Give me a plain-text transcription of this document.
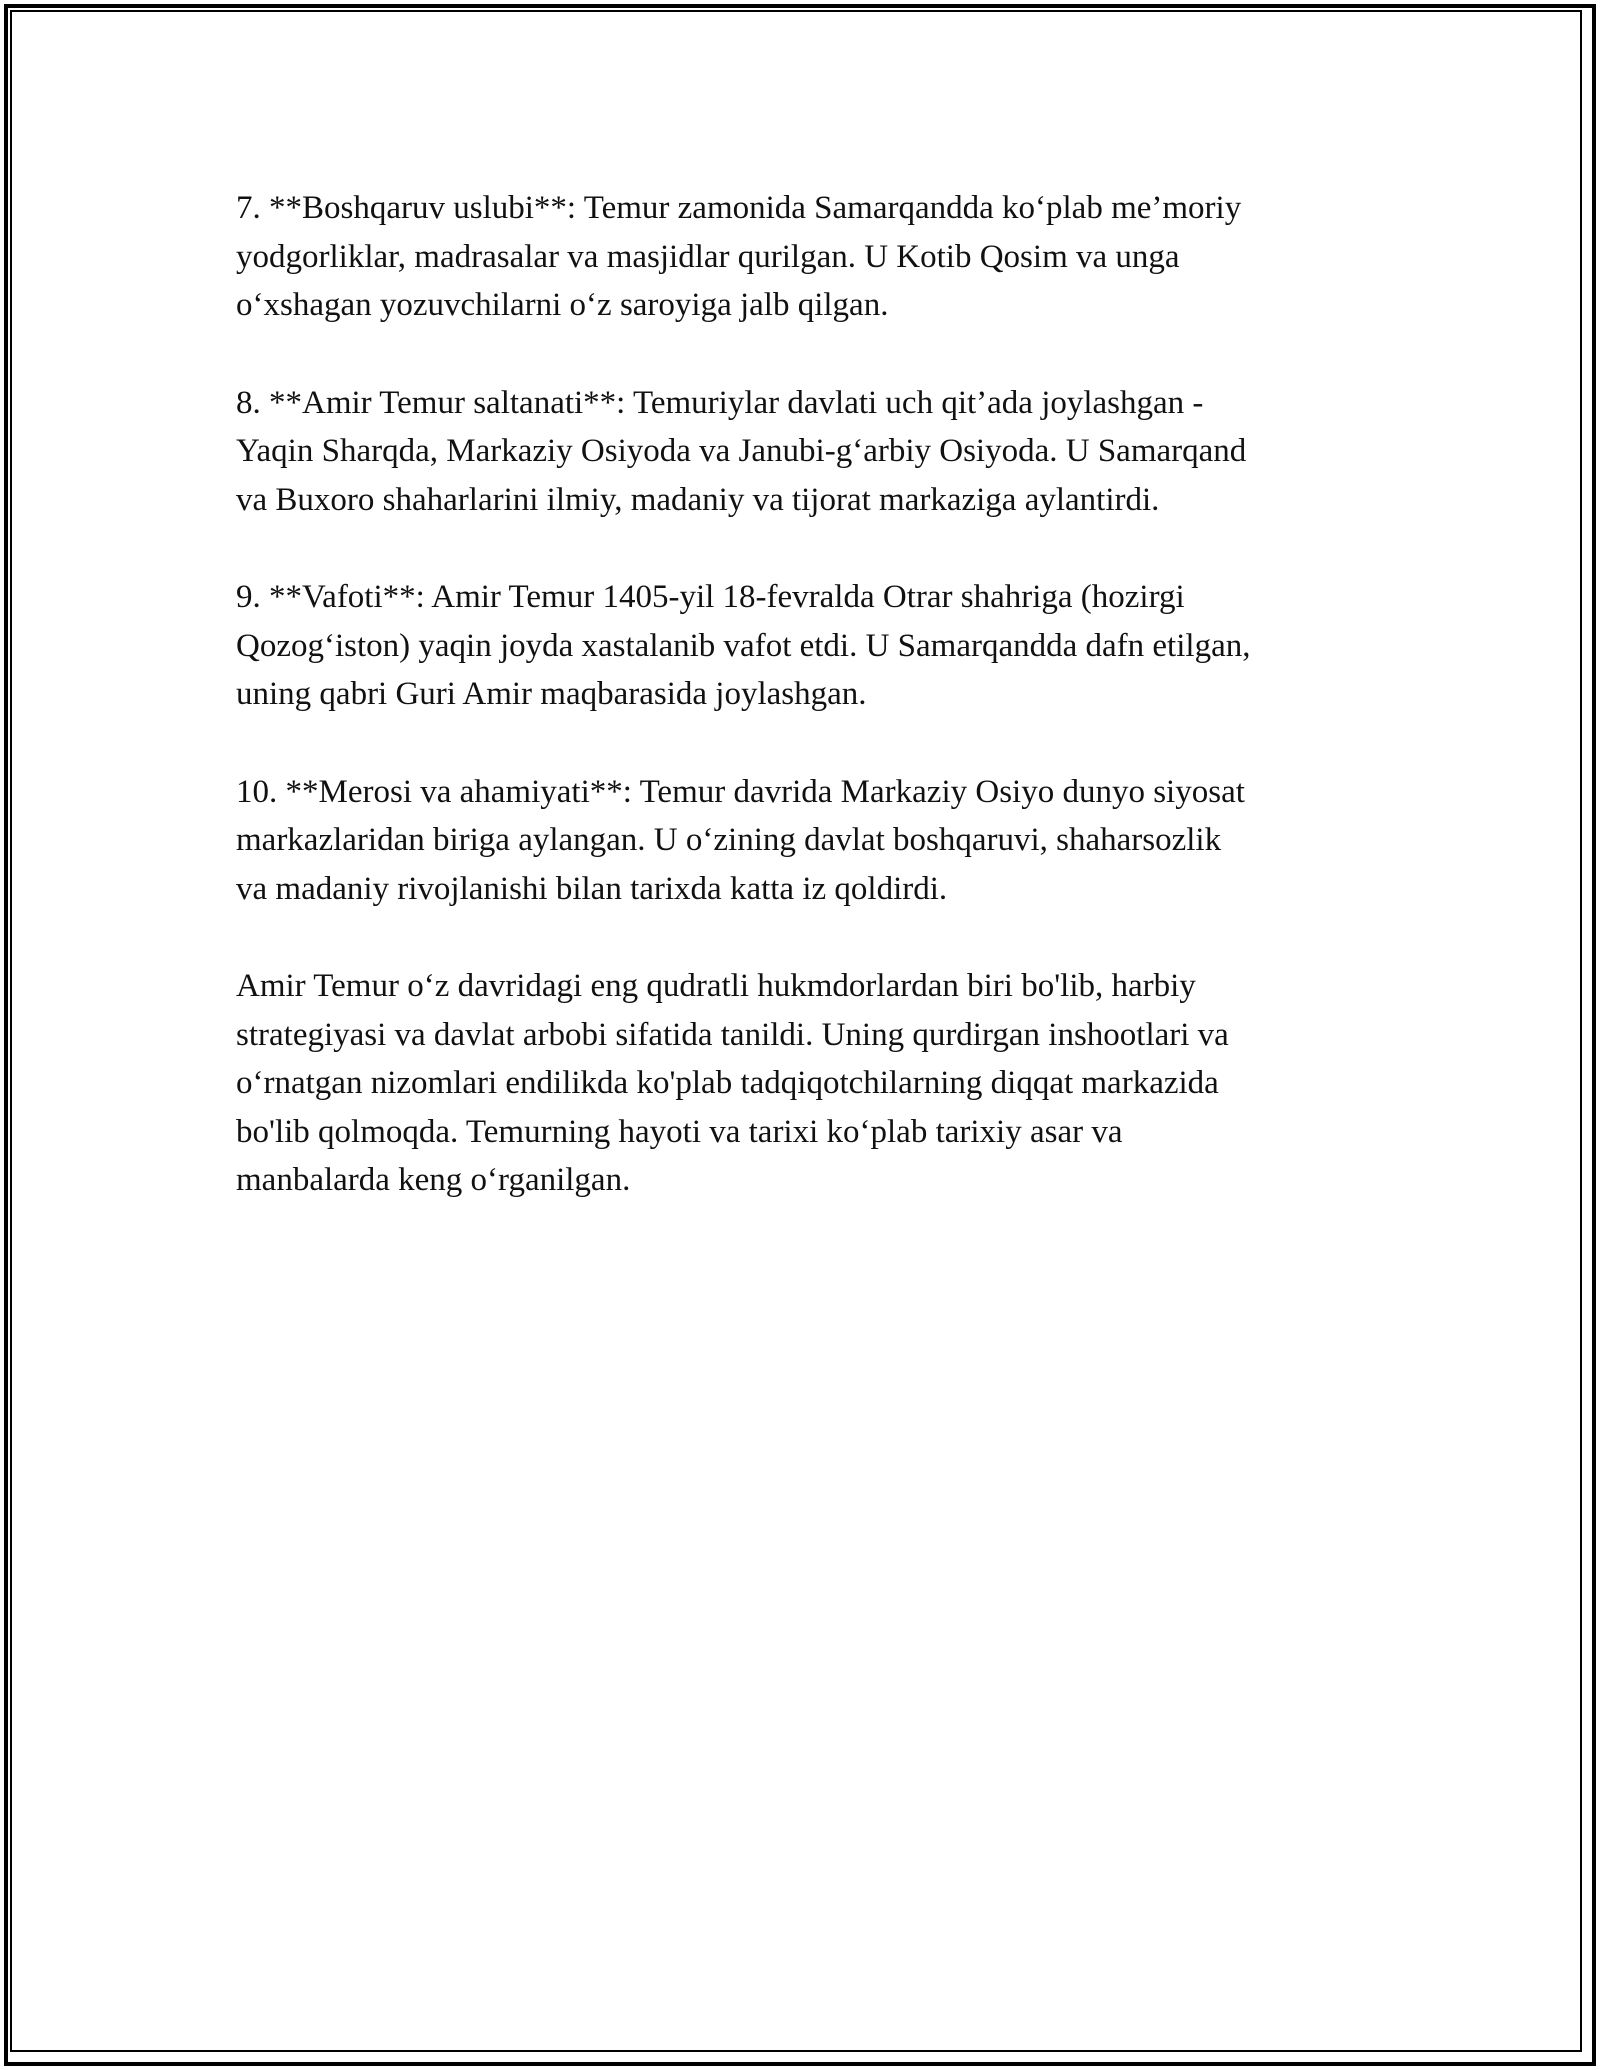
7. **Boshqaruv uslubi**: Temur zamonida Samarqandda ko‘plab me’moriy
yodgorliklar, madrasalar va masjidlar qurilgan. U Kotib Qosim va unga
o‘xshagan yozuvchilarni o‘z saroyiga jalb qilgan.

8. **Amir Temur saltanati**: Temuriylar davlati uch qit’ada joylashgan -
Yaqin Sharqda, Markaziy Osiyoda va Janubi-g‘arbiy Osiyoda. U Samarqand
va Buxoro shaharlarini ilmiy, madaniy va tijorat markaziga aylantirdi.

9. **Vafoti**: Amir Temur 1405-yil 18-fevralda Otrar shahriga (hozirgi
Qozog‘iston) yaqin joyda xastalanib vafot etdi. U Samarqandda dafn etilgan,
uning qabri Guri Amir maqbarasida joylashgan.

10. **Merosi va ahamiyati**: Temur davrida Markaziy Osiyo dunyo siyosat
markazlaridan biriga aylangan. U o‘zining davlat boshqaruvi, shaharsozlik
va madaniy rivojlanishi bilan tarixda katta iz qoldirdi.

Amir Temur o‘z davridagi eng qudratli hukmdorlardan biri bo'lib, harbiy
strategiyasi va davlat arbobi sifatida tanildi. Uning qurdirgan inshootlari va
o‘rnatgan nizomlari endilikda ko'plab tadqiqotchilarning diqqat markazida
bo'lib qolmoqda. Temurning hayoti va tarixi ko‘plab tarixiy asar va
manbalarda keng o‘rganilgan.
